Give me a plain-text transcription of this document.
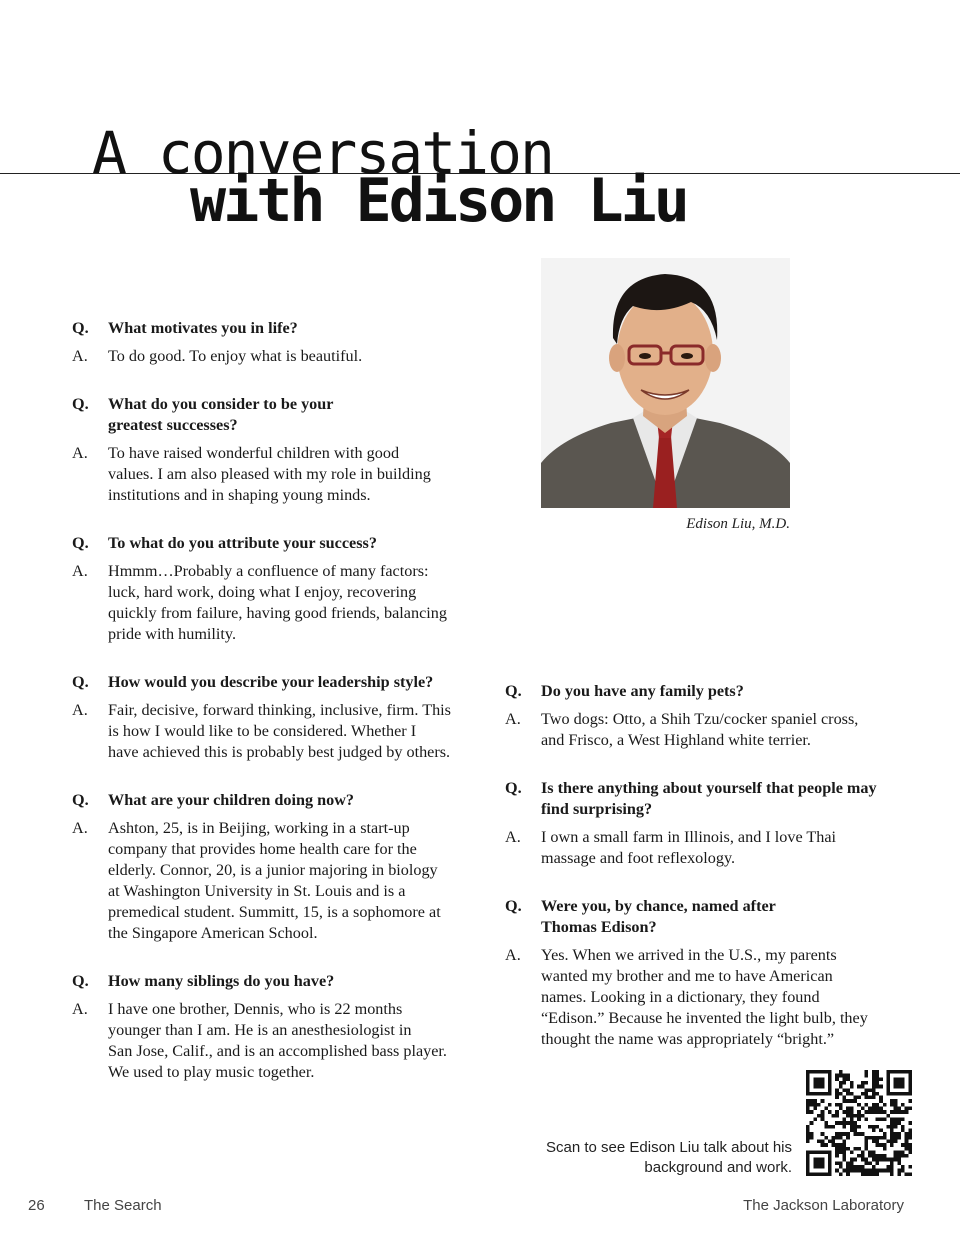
A conversation
with Edison Liu
Edison Liu, M.D.
Q.	What motivates you in life?
A.	To do good. To enjoy what is beautiful.
Q.	What do you consider to be your
greatest successes?
A.	To have raised wonderful children with good
values. I am also pleased with my role in building
institutions and in shaping young minds.
Q.	To what do you attribute your success?
A.	Hmmm…Probably a confluence of many factors:
luck, hard work, doing what I enjoy, recovering
quickly from failure, having good friends, balancing
pride with humility.
Q.	How would you describe your leadership style?
A.	Fair, decisive, forward thinking, inclusive, firm. This
is how I would like to be considered. Whether I
have achieved this is probably best judged by others.
Q.	What are your children doing now?
A.	Ashton, 25, is in Beijing, working in a start-up
company that provides home health care for the
elderly. Connor, 20, is a junior majoring in biology
at Washington University in St. Louis and is a
premedical student. Summitt, 15, is a sophomore at
the Singapore American School.
Q.	How many siblings do you have?
A.	I have one brother, Dennis, who is 22 months
younger than I am. He is an anesthesiologist in
San Jose, Calif., and is an accomplished bass player.
We used to play music together.
Q.	Do you have any family pets?
A.	Two dogs: Otto, a Shih Tzu/cocker spaniel cross,
and Frisco, a West Highland white terrier.
Q.	Is there anything about yourself that people may
find surprising?
A.	I own a small farm in Illinois, and I love Thai
massage and foot reflexology.
Q.	Were you, by chance, named after
Thomas Edison?
A.	Yes. When we arrived in the U.S., my parents
wanted my brother and me to have American
names. Looking in a dictionary, they found
“Edison.” Because he invented the light bulb, they
thought the name was appropriately “bright.”
Scan to see Edison Liu talk about his
background and work.
26	The Search	The Jackson Laboratory
